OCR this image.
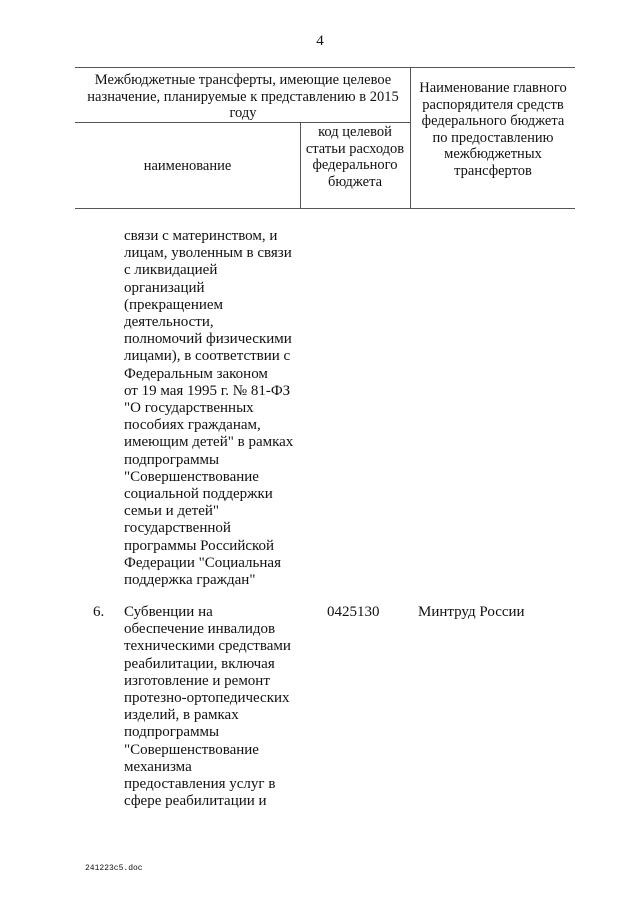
4
Межбюджетные трансферты, имеющие целевое назначение, планируемые к представлению в 2015 году
наименование
код целевой статьи расходов федерального бюджета
Наименование главного распорядителя средств федерального бюджета по предоставлению межбюджетных трансфертов
связи с материнством, и
лицам, уволенным в связи
с ликвидацией
организаций
(прекращением
деятельности,
полномочий физическими
лицами), в соответствии с
Федеральным законом
от 19 мая 1995 г. № 81-ФЗ
"О государственных
пособиях гражданам,
имеющим детей" в рамках
подпрограммы
"Совершенствование
социальной поддержки
семьи и детей"
государственной
программы Российской
Федерации "Социальная
поддержка граждан"
6. Субвенции на
обеспечение инвалидов
техническими средствами
реабилитации, включая
изготовление и ремонт
протезно-ортопедических
изделий, в рамках
подпрограммы
"Совершенствование
механизма
предоставления услуг в
сфере реабилитации и
0425130	Минтруд России
241223c5.doc
